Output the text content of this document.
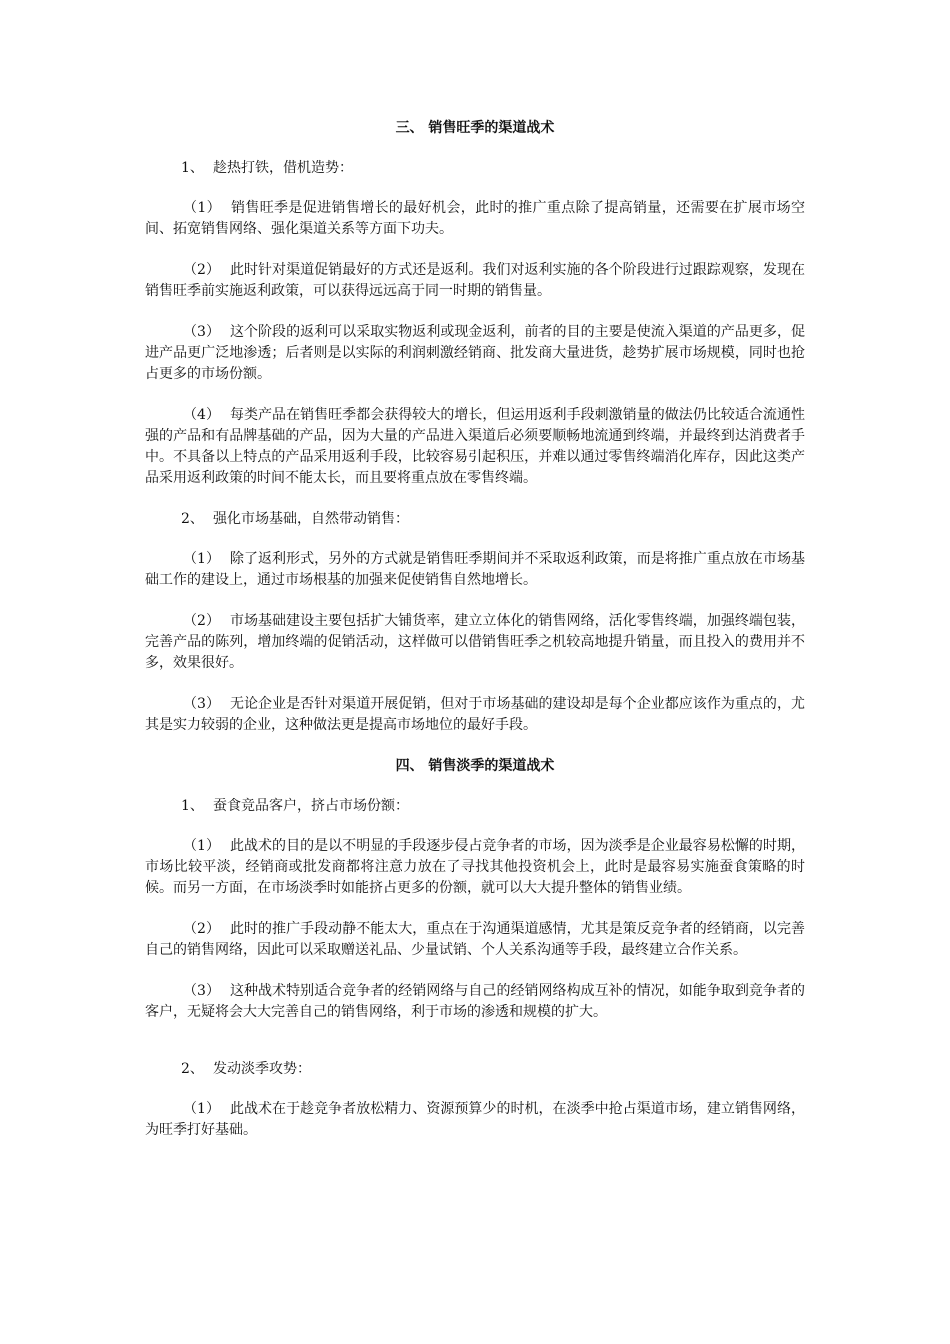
三、 销售旺季的渠道战术
1、 趁热打铁，借机造势：

（1） 销售旺季是促进销售增长的最好机会，此时的推广重点除了提高销量，还需要在扩展市场空间、拓宽销售网络、强化渠道关系等方面下功夫。

（2） 此时针对渠道促销最好的方式还是返利。我们对返利实施的各个阶段进行过跟踪观察，发现在销售旺季前实施返利政策，可以获得远远高于同一时期的销售量。

（3） 这个阶段的返利可以采取实物返利或现金返利，前者的目的主要是使流入渠道的产品更多，促进产品更广泛地渗透；后者则是以实际的利润刺激经销商、批发商大量进货，趁势扩展市场规模，同时也抢占更多的市场份额。

（4） 每类产品在销售旺季都会获得较大的增长，但运用返利手段刺激销量的做法仍比较适合流通性强的产品和有品牌基础的产品，因为大量的产品进入渠道后必须要顺畅地流通到终端，并最终到达消费者手中。不具备以上特点的产品采用返利手段，比较容易引起积压，并难以通过零售终端消化库存，因此这类产品采用返利政策的时间不能太长，而且要将重点放在零售终端。

2、 强化市场基础，自然带动销售：

（1） 除了返利形式，另外的方式就是销售旺季期间并不采取返利政策，而是将推广重点放在市场基础工作的建设上，通过市场根基的加强来促使销售自然地增长。

（2） 市场基础建设主要包括扩大铺货率，建立立体化的销售网络，活化零售终端，加强终端包装，完善产品的陈列，增加终端的促销活动，这样做可以借销售旺季之机较高地提升销量，而且投入的费用并不多，效果很好。

（3） 无论企业是否针对渠道开展促销，但对于市场基础的建设却是每个企业都应该作为重点的，尤其是实力较弱的企业，这种做法更是提高市场地位的最好手段。

四、 销售淡季的渠道战术
1、 蚕食竞品客户，挤占市场份额：

（1） 此战术的目的是以不明显的手段逐步侵占竞争者的市场，因为淡季是企业最容易松懈的时期，市场比较平淡，经销商或批发商都将注意力放在了寻找其他投资机会上，此时是最容易实施蚕食策略的时候。而另一方面，在市场淡季时如能挤占更多的份额，就可以大大提升整体的销售业绩。

（2） 此时的推广手段动静不能太大，重点在于沟通渠道感情，尤其是策反竞争者的经销商，以完善自己的销售网络，因此可以采取赠送礼品、少量试销、个人关系沟通等手段，最终建立合作关系。

（3） 这种战术特别适合竞争者的经销网络与自己的经销网络构成互补的情况，如能争取到竞争者的客户，无疑将会大大完善自己的销售网络，利于市场的渗透和规模的扩大。

2、 发动淡季攻势：

（1） 此战术在于趁竞争者放松精力、资源预算少的时机，在淡季中抢占渠道市场，建立销售网络，为旺季打好基础。
